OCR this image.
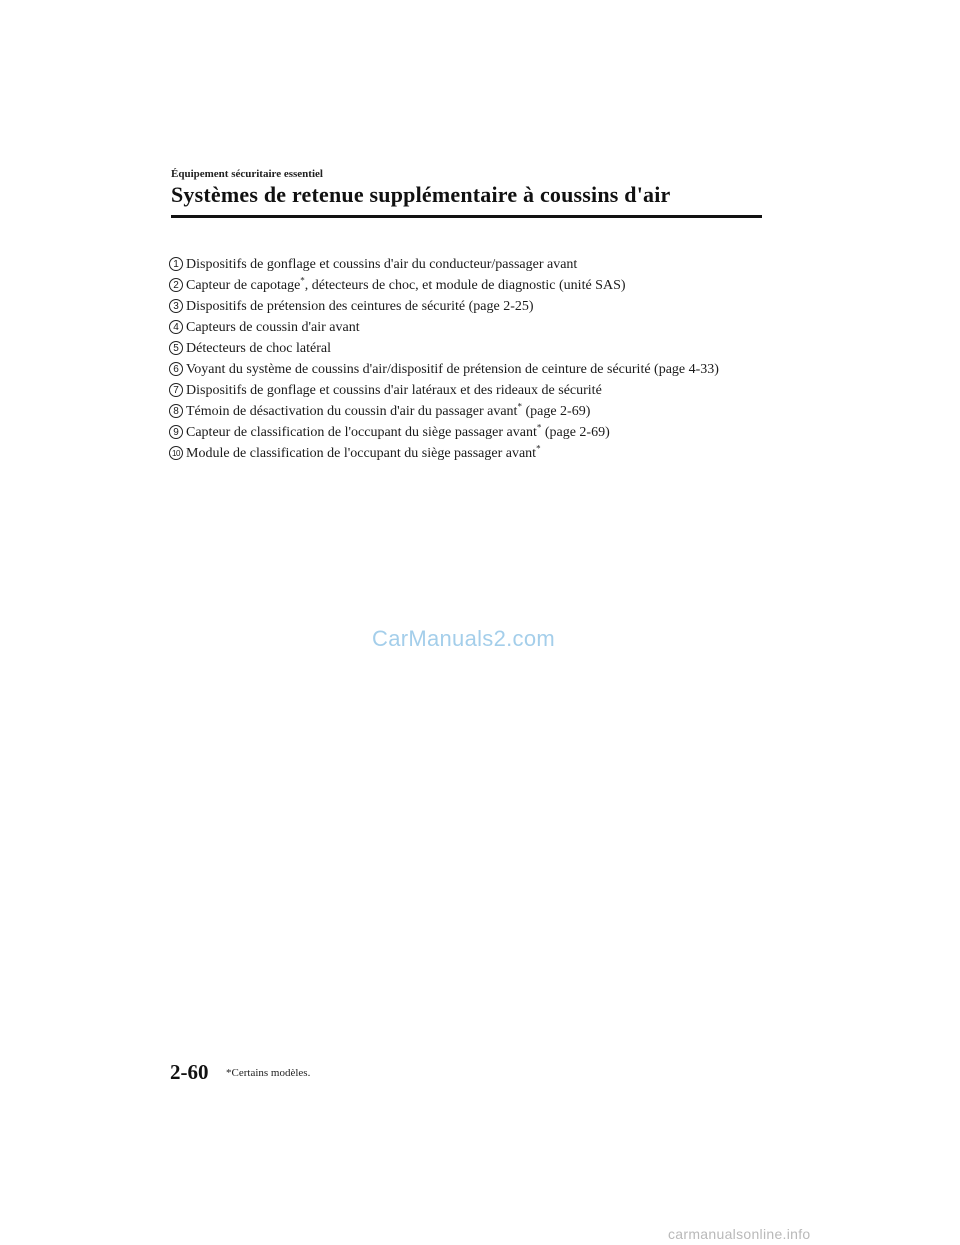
Équipement sécuritaire essentiel
Systèmes de retenue supplémentaire à coussins d'air
1 Dispositifs de gonflage et coussins d'air du conducteur/passager avant
2 Capteur de capotage*, détecteurs de choc, et module de diagnostic (unité SAS)
3 Dispositifs de prétension des ceintures de sécurité (page 2-25)
4 Capteurs de coussin d'air avant
5 Détecteurs de choc latéral
6 Voyant du système de coussins d'air/dispositif de prétension de ceinture de sécurité (page 4-33)
7 Dispositifs de gonflage et coussins d'air latéraux et des rideaux de sécurité
8 Témoin de désactivation du coussin d'air du passager avant* (page 2-69)
9 Capteur de classification de l'occupant du siège passager avant* (page 2-69)
10 Module de classification de l'occupant du siège passager avant*
CarManuals2.com
2-60 *Certains modèles.
carmanualsonline.info
